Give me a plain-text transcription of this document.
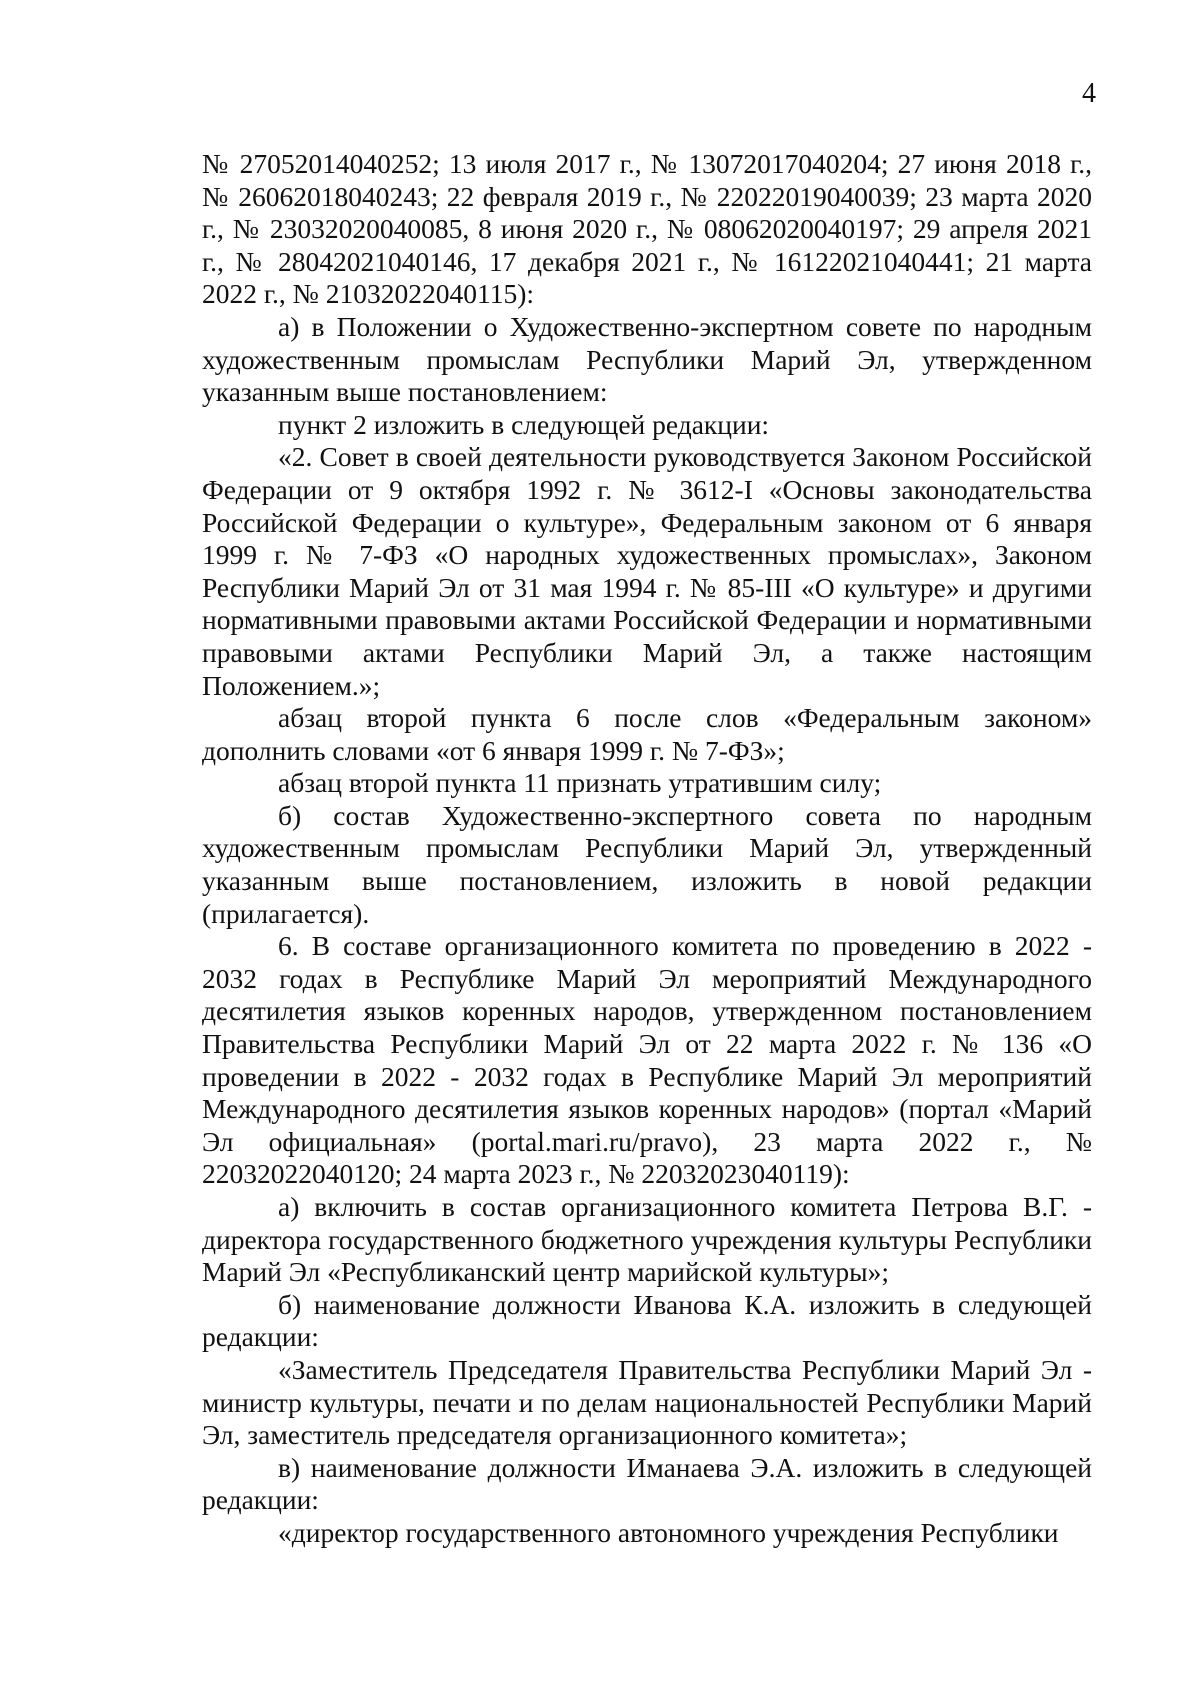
4

№ 27052014040252; 13 июля 2017 г., № 13072017040204; 27 июня 2018 г., № 26062018040243; 22 февраля 2019 г., № 22022019040039; 23 марта 2020 г., № 23032020040085, 8 июня 2020 г., № 08062020040197; 29 апреля 2021 г., № 28042021040146, 17 декабря 2021 г., № 16122021040441; 21 марта 2022 г., № 21032022040115):

а) в Положении о Художественно-экспертном совете по народным художественным промыслам Республики Марий Эл, утвержденном указанным выше постановлением:

пункт 2 изложить в следующей редакции:

«2. Совет в своей деятельности руководствуется Законом Российской Федерации от 9 октября 1992 г. № 3612-I «Основы законодательства Российской Федерации о культуре», Федеральным законом от 6 января 1999 г. № 7-ФЗ «О народных художественных промыслах», Законом Республики Марий Эл от 31 мая 1994 г. № 85-III «О культуре» и другими нормативными правовыми актами Российской Федерации и нормативными правовыми актами Республики Марий Эл, а также настоящим Положением.»;

абзац второй пункта 6 после слов «Федеральным законом» дополнить словами «от 6 января 1999 г. № 7-ФЗ»;

абзац второй пункта 11 признать утратившим силу;

б) состав Художественно-экспертного совета по народным художественным промыслам Республики Марий Эл, утвержденный указанным выше постановлением, изложить в новой редакции (прилагается).

6. В составе организационного комитета по проведению в 2022 - 2032 годах в Республике Марий Эл мероприятий Международного десятилетия языков коренных народов, утвержденном постановлением Правительства Республики Марий Эл от 22 марта 2022 г. № 136 «О проведении в 2022 - 2032 годах в Республике Марий Эл мероприятий Международного десятилетия языков коренных народов» (портал «Марий Эл официальная» (portal.mari.ru/pravo), 23 марта 2022 г., № 22032022040120; 24 марта 2023 г., № 22032023040119):

а) включить в состав организационного комитета Петрова В.Г. - директора государственного бюджетного учреждения культуры Республики Марий Эл «Республиканский центр марийской культуры»;

б) наименование должности Иванова К.А. изложить в следующей редакции:

«Заместитель Председателя Правительства Республики Марий Эл - министр культуры, печати и по делам национальностей Республики Марий Эл, заместитель председателя организационного комитета»;

в) наименование должности Иманаева Э.А. изложить в следующей редакции:

«директор государственного автономного учреждения Республики
